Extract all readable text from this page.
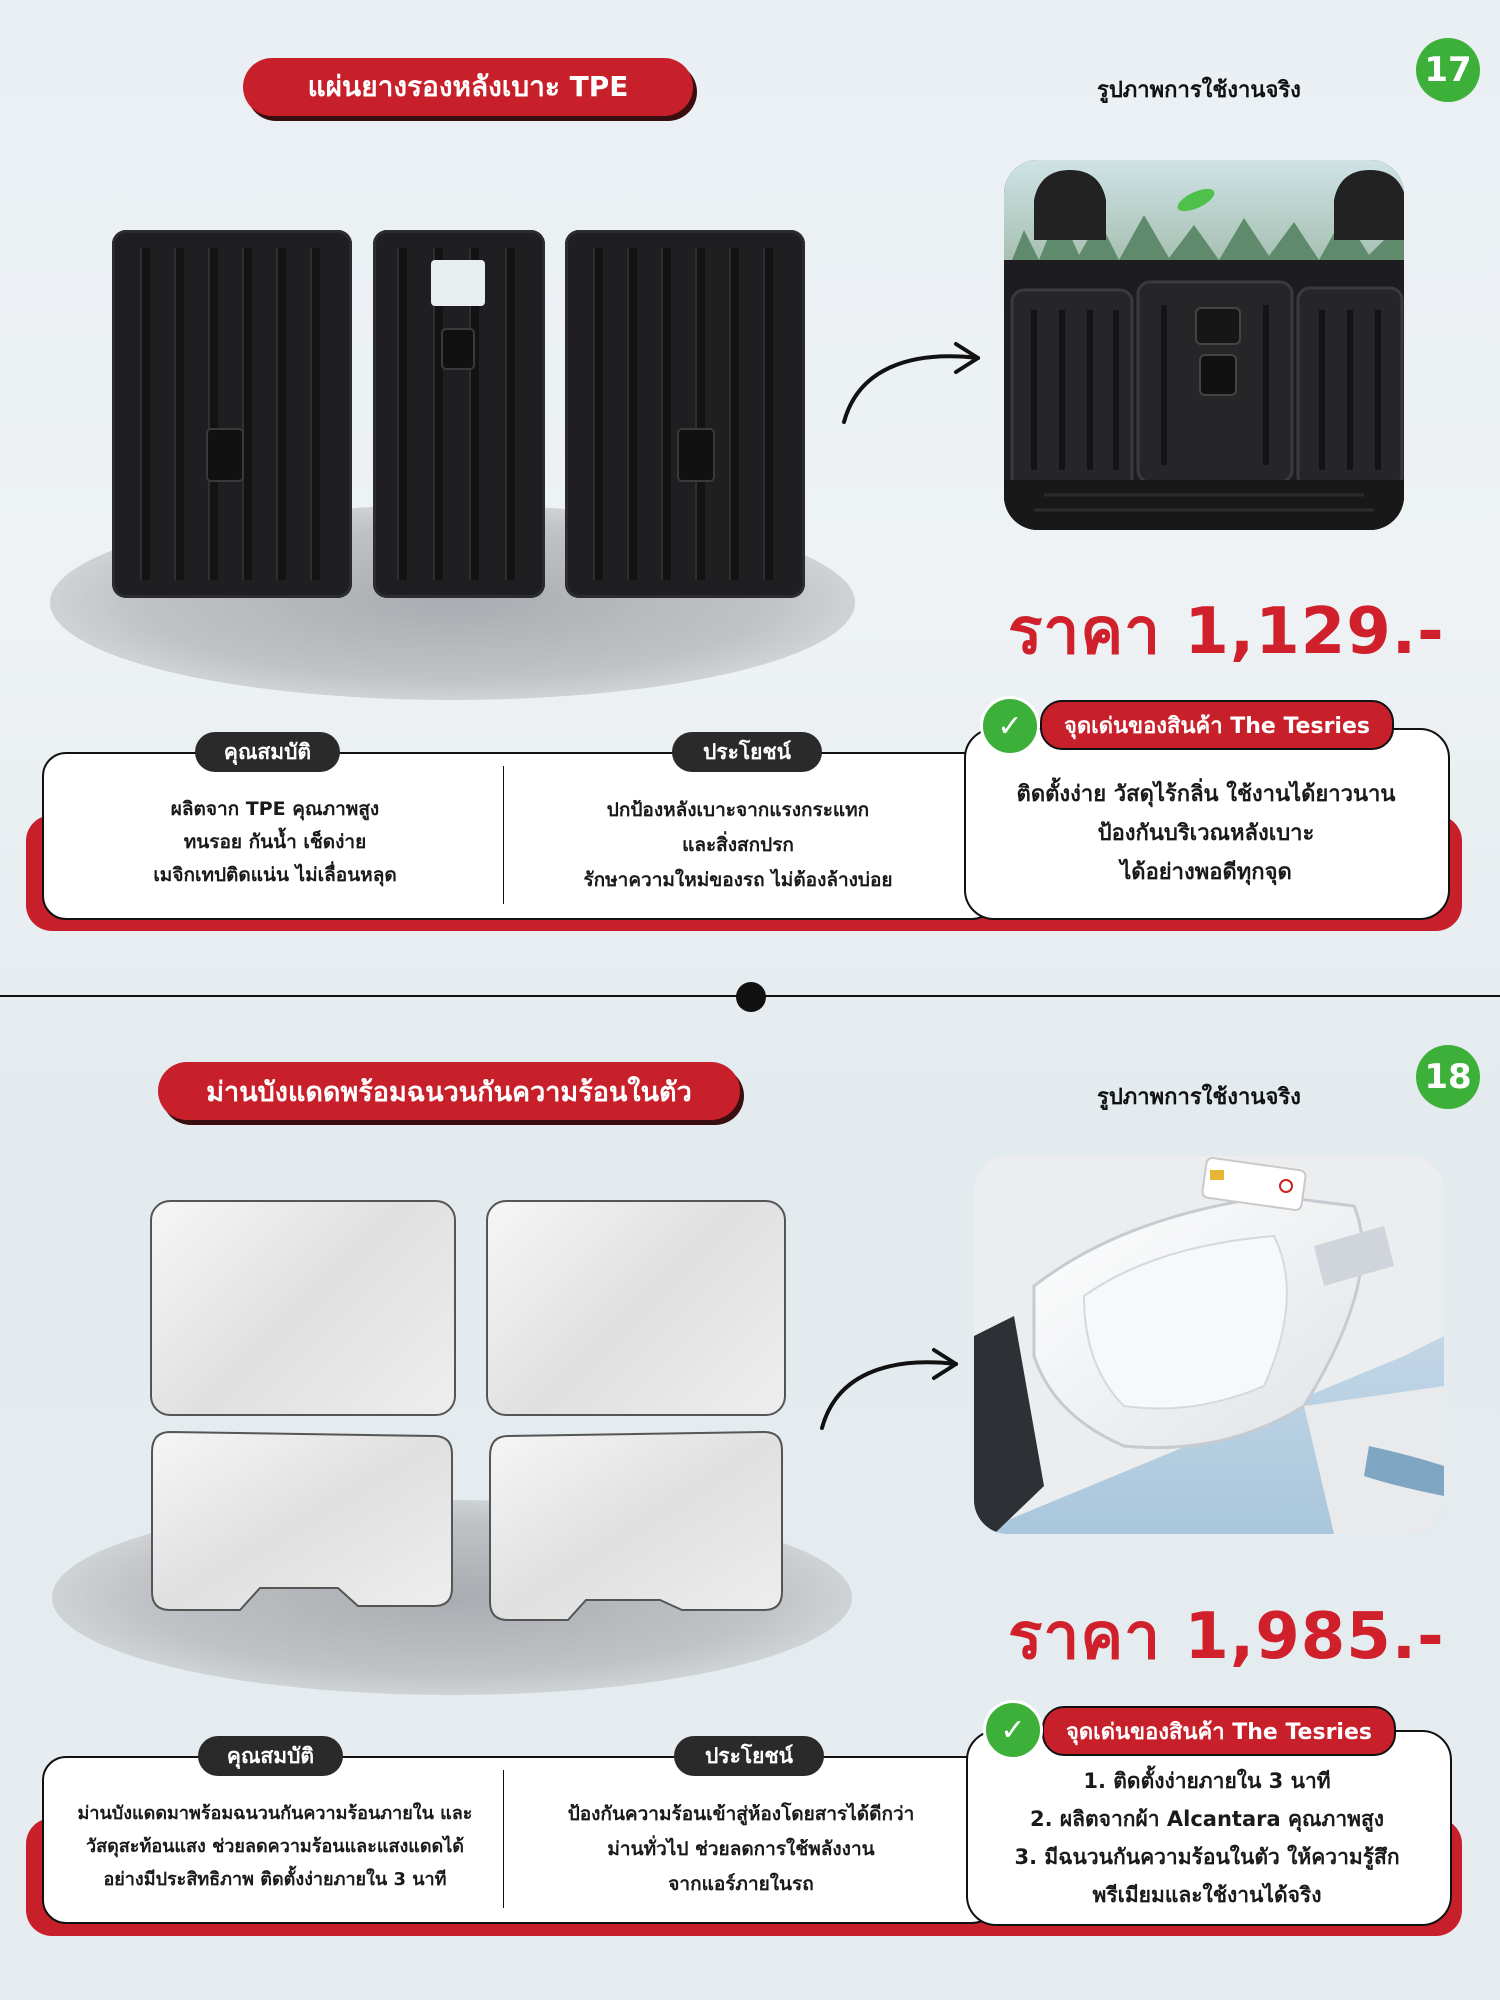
แผ่นยางรองหลังเบาะ TPE	รูปภาพการใช้งานจริง
17
ราคา 1,129.-
คุณสมบัติ	ประโยชน์
ผลิตจาก TPE คุณภาพสูง
ทนรอย กันน้ำ เช็ดง่าย
เมจิกเทปติดแน่น ไม่เลื่อนหลุด
ปกป้องหลังเบาะจากแรงกระแทก
และสิ่งสกปรก
รักษาความใหม่ของรถ ไม่ต้องล้างบ่อย
จุดเด่นของสินค้า The Tesries
✓
ติดตั้งง่าย วัสดุไร้กลิ่น ใช้งานได้ยาวนาน
ป้องกันบริเวณหลังเบาะ
ได้อย่างพอดีทุกจุด
ม่านบังแดดพร้อมฉนวนกันความร้อนในตัว	รูปภาพการใช้งานจริง
18
ราคา 1,985.-
คุณสมบัติ	ประโยชน์
ม่านบังแดดมาพร้อมฉนวนกันความร้อนภายใน และ
วัสดุสะท้อนแสง ช่วยลดความร้อนและแสงแดดได้
อย่างมีประสิทธิภาพ ติดตั้งง่ายภายใน 3 นาที
ป้องกันความร้อนเข้าสู่ห้องโดยสารได้ดีกว่า
ม่านทั่วไป ช่วยลดการใช้พลังงาน
จากแอร์ภายในรถ
จุดเด่นของสินค้า The Tesries
✓
1. ติดตั้งง่ายภายใน 3 นาที
2. ผลิตจากผ้า Alcantara คุณภาพสูง
3. มีฉนวนกันความร้อนในตัว ให้ความรู้สึก
พรีเมียมและใช้งานได้จริง
